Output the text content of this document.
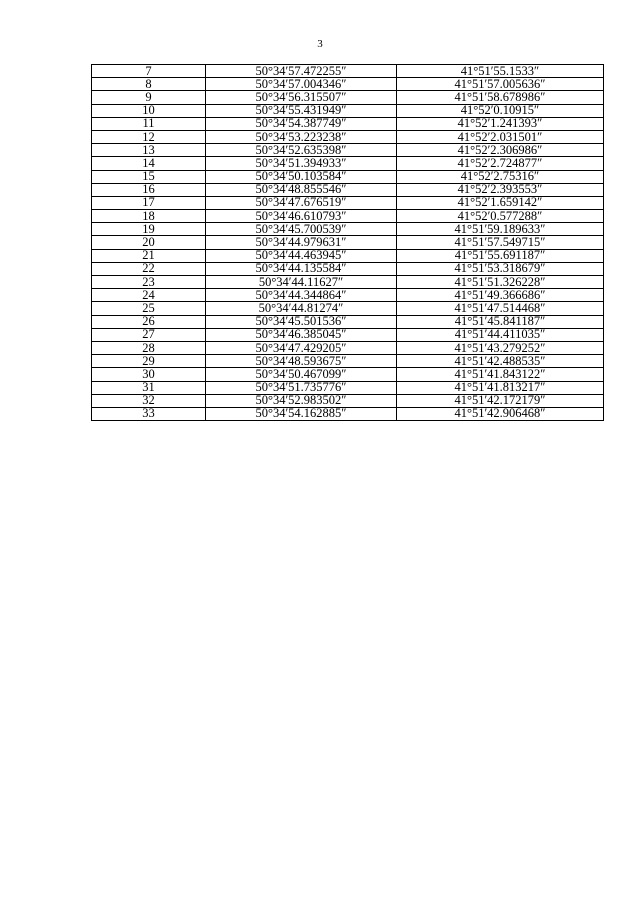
3
7	50°34′57.472255″	41°51′55.1533″
8	50°34′57.004346″	41°51′57.005636″
9	50°34′56.315507″	41°51′58.678986″
10	50°34′55.431949″	41°52′0.10915″
11	50°34′54.387749″	41°52′1.241393″
12	50°34′53.223238″	41°52′2.031501″
13	50°34′52.635398″	41°52′2.306986″
14	50°34′51.394933″	41°52′2.724877″
15	50°34′50.103584″	41°52′2.75316″
16	50°34′48.855546″	41°52′2.393553″
17	50°34′47.676519″	41°52′1.659142″
18	50°34′46.610793″	41°52′0.577288″
19	50°34′45.700539″	41°51′59.189633″
20	50°34′44.979631″	41°51′57.549715″
21	50°34′44.463945″	41°51′55.691187″
22	50°34′44.135584″	41°51′53.318679″
23	50°34′44.11627″	41°51′51.326228″
24	50°34′44.344864″	41°51′49.366686″
25	50°34′44.81274″	41°51′47.514468″
26	50°34′45.501536″	41°51′45.841187″
27	50°34′46.385045″	41°51′44.411035″
28	50°34′47.429205″	41°51′43.279252″
29	50°34′48.593675″	41°51′42.488535″
30	50°34′50.467099″	41°51′41.843122″
31	50°34′51.735776″	41°51′41.813217″
32	50°34′52.983502″	41°51′42.172179″
33	50°34′54.162885″	41°51′42.906468″
